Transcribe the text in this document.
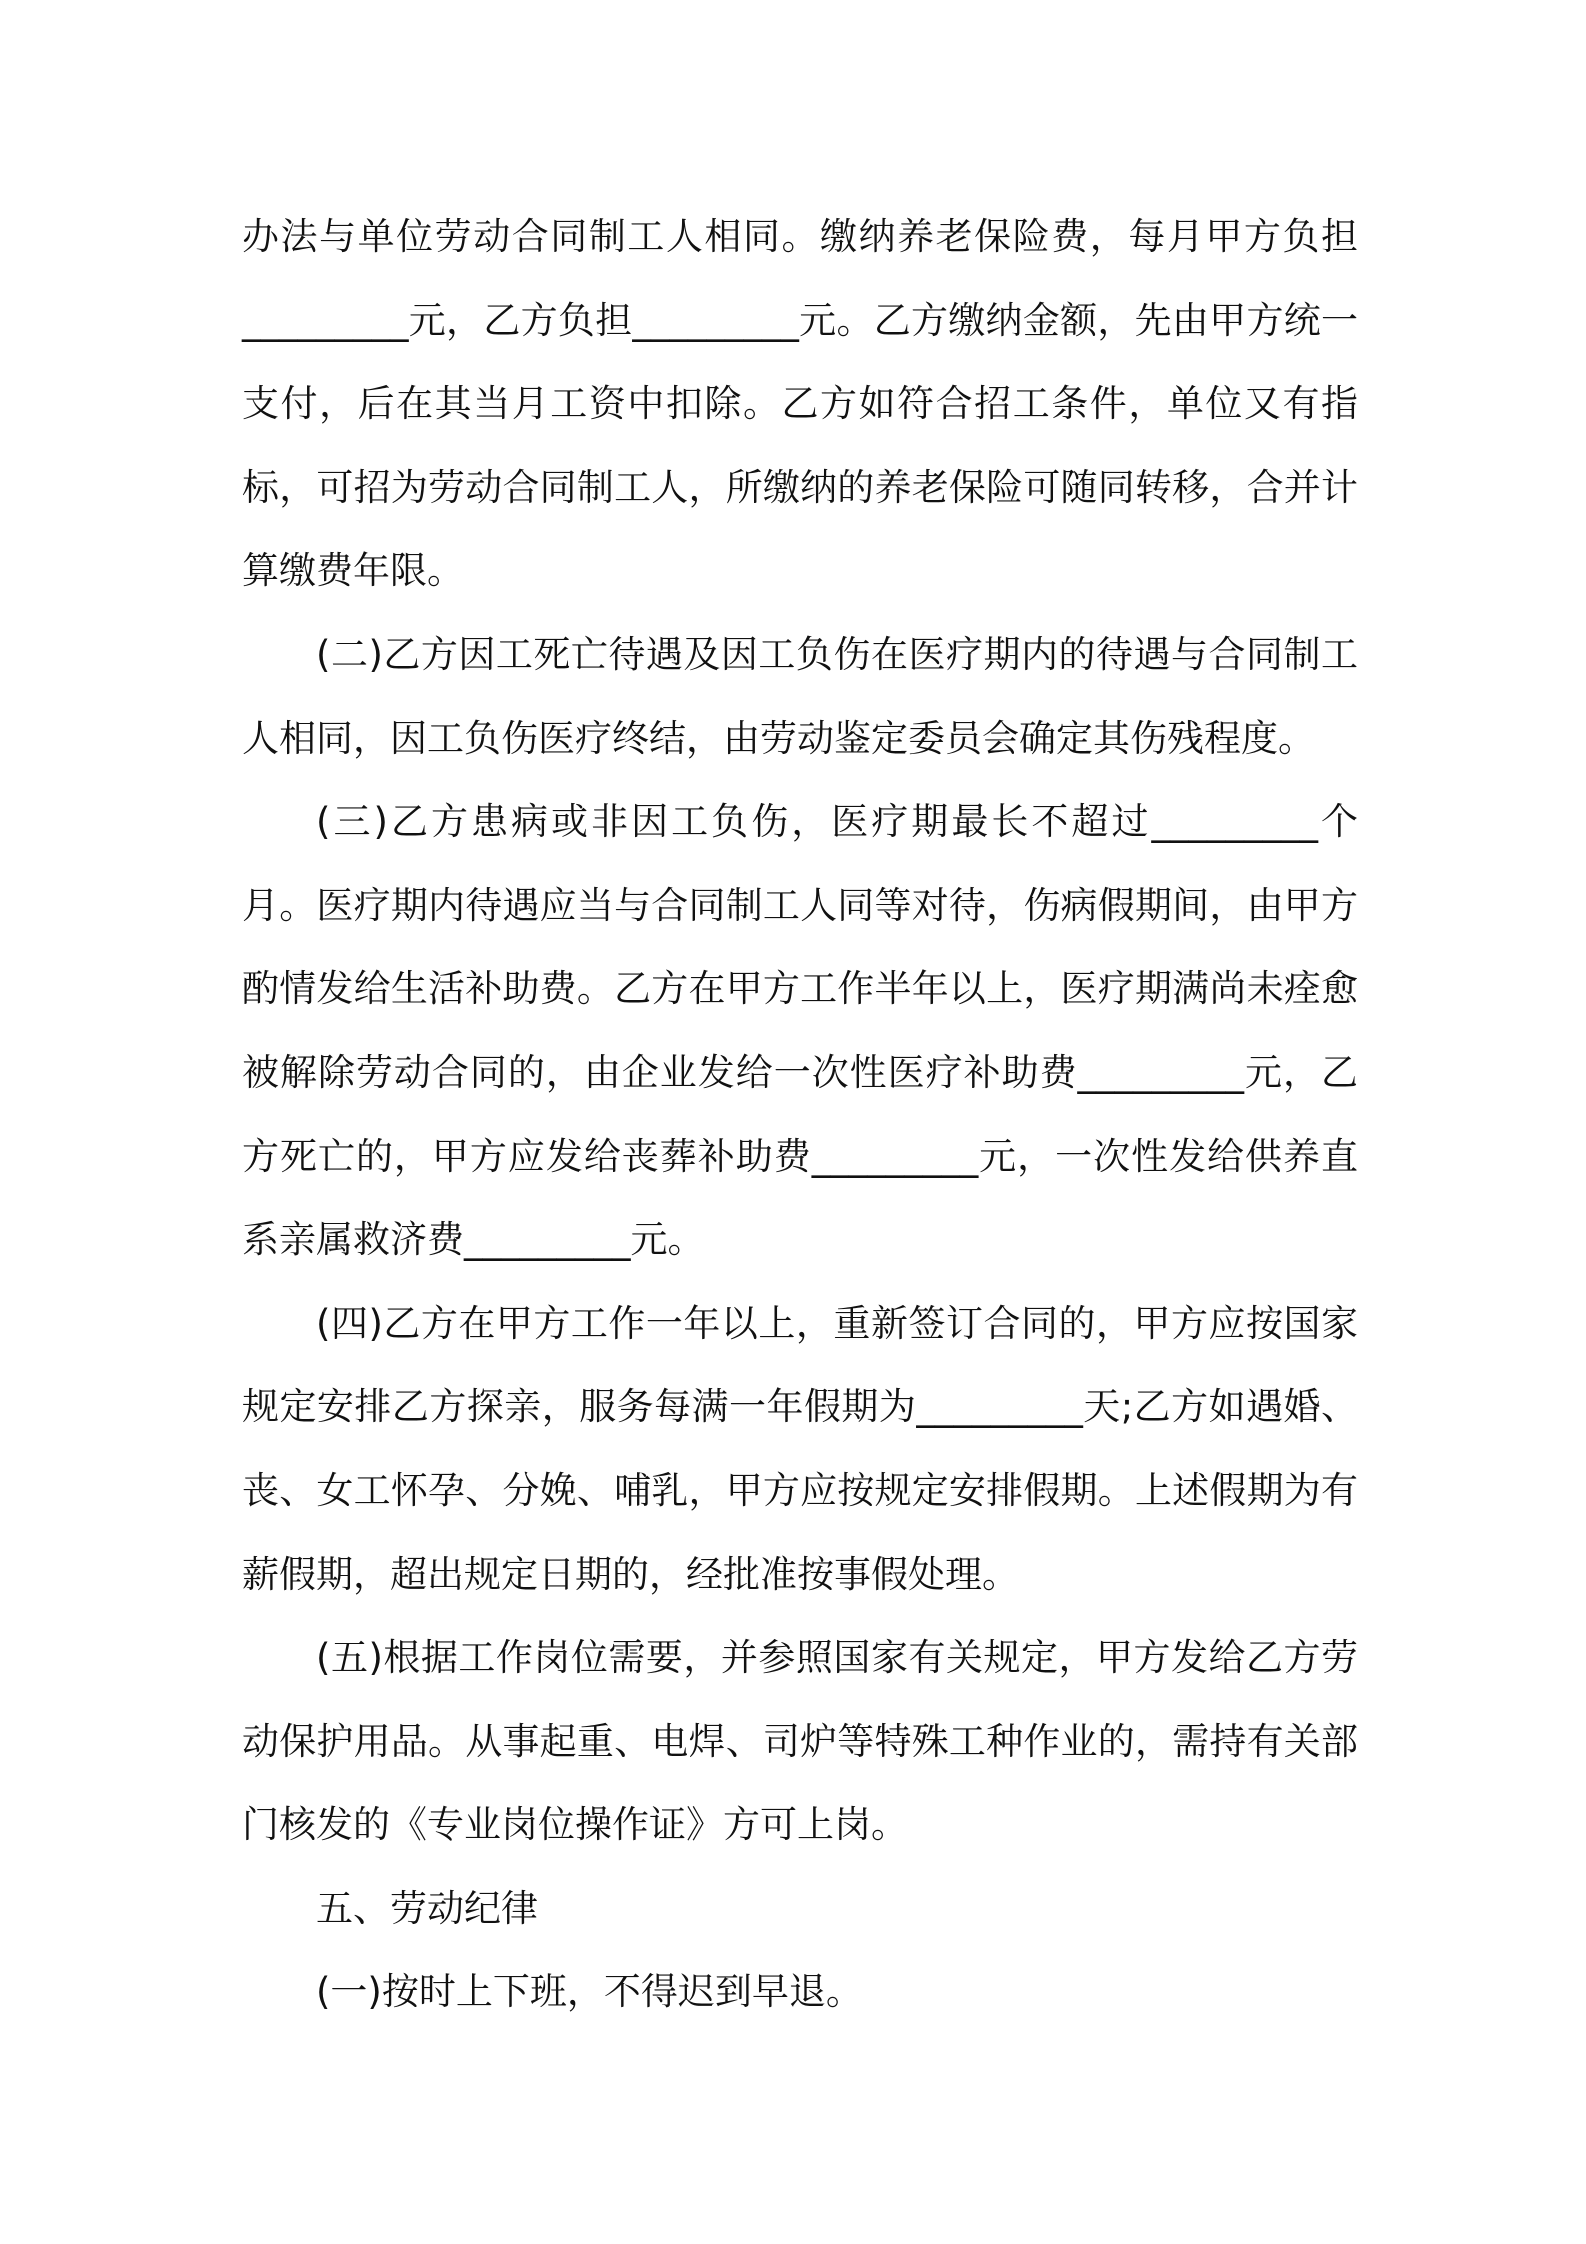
办法与单位劳动合同制工人相同。缴纳养老保险费，每月甲方负担_________元，乙方负担_________元。乙方缴纳金额，先由甲方统一支付，后在其当月工资中扣除。乙方如符合招工条件，单位又有指标，可招为劳动合同制工人，所缴纳的养老保险可随同转移，合并计算缴费年限。

(二)乙方因工死亡待遇及因工负伤在医疗期内的待遇与合同制工人相同，因工负伤医疗终结，由劳动鉴定委员会确定其伤残程度。

(三)乙方患病或非因工负伤，医疗期最长不超过_________个月。医疗期内待遇应当与合同制工人同等对待，伤病假期间，由甲方酌情发给生活补助费。乙方在甲方工作半年以上，医疗期满尚未痊愈被解除劳动合同的，由企业发给一次性医疗补助费_________元，乙方死亡的，甲方应发给丧葬补助费_________元，一次性发给供养直系亲属救济费_________元。

(四)乙方在甲方工作一年以上，重新签订合同的，甲方应按国家规定安排乙方探亲，服务每满一年假期为_________天;乙方如遇婚、丧、女工怀孕、分娩、哺乳，甲方应按规定安排假期。上述假期为有薪假期，超出规定日期的，经批准按事假处理。

(五)根据工作岗位需要，并参照国家有关规定，甲方发给乙方劳动保护用品。从事起重、电焊、司炉等特殊工种作业的，需持有关部门核发的《专业岗位操作证》方可上岗。

五、劳动纪律

(一)按时上下班，不得迟到早退。
